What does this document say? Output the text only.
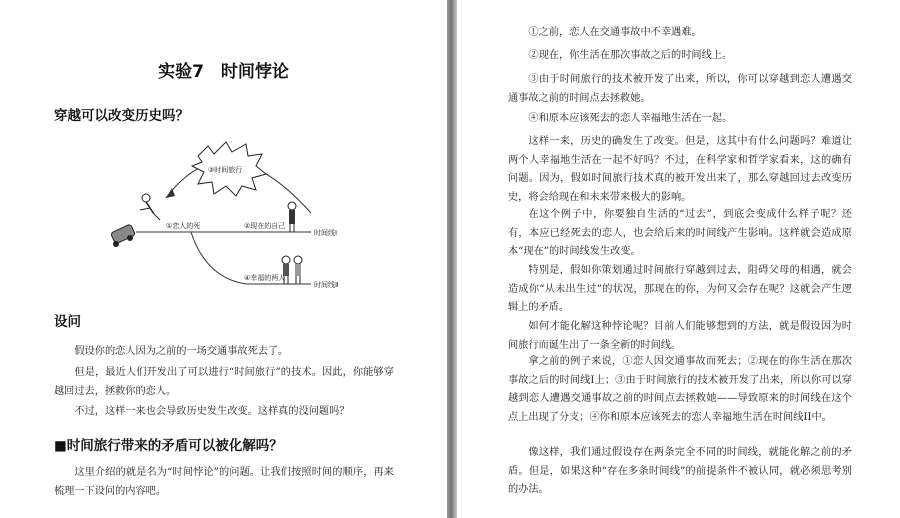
实验7　时间悖论
穿越可以改变历史吗？
③时间旅行
①恋人的死	②现在的自己
④幸福的两人
时间线Ⅰ
时间线Ⅱ
设问

假设你的恋人因为之前的一场交通事故死去了。

但是，最近人们开发出了可以进行“时间旅行”的技术。因此，你能够穿越回过去，拯救你的恋人。

不过，这样一来也会导致历史发生改变。这样真的没问题吗？

■时间旅行带来的矛盾可以被化解吗？

这里介绍的就是名为“时间悖论”的问题。让我们按照时间的顺序，再来梳理一下设问的内容吧。

①之前，恋人在交通事故中不幸遇难。

②现在，你生活在那次事故之后的时间线上。

③由于时间旅行的技术被开发了出来，所以，你可以穿越到恋人遭遇交通事故之前的时间点去拯救她。

④和原本应该死去的恋人幸福地生活在一起。

这样一来，历史的确发生了改变。但是，这其中有什么问题吗？难道让两个人幸福地生活在一起不好吗？不过，在科学家和哲学家看来，这的确有问题。因为，假如时间旅行技术真的被开发出来了，那么穿越回过去改变历史，将会给现在和未来带来极大的影响。

在这个例子中，你要独自生活的“过去”，到底会变成什么样子呢？还有，本应已经死去的恋人，也会给后来的时间线产生影响。这样就会造成原本“现在”的时间线发生改变。

特别是，假如你策划通过时间旅行穿越到过去，阻碍父母的相遇，就会造成你“从未出生过”的状况，那现在的你，为何又会存在呢？这就会产生逻辑上的矛盾。

如何才能化解这种悖论呢？目前人们能够想到的方法，就是假设因为时间旅行而诞生出了一条全新的时间线。

拿之前的例子来说，①恋人因交通事故而死去；②现在的你生活在那次事故之后的时间线I上；③由于时间旅行的技术被开发了出来，所以你可以穿越到恋人遭遇交通事故之前的时间点去拯救她——导致原来的时间线在这个点上出现了分支；④你和原本应该死去的恋人幸福地生活在时间线II中。

像这样，我们通过假设存在两条完全不同的时间线，就能化解之前的矛盾。但是，如果这种“存在多条时间线”的前提条件不被认同，就必须思考别的办法。
